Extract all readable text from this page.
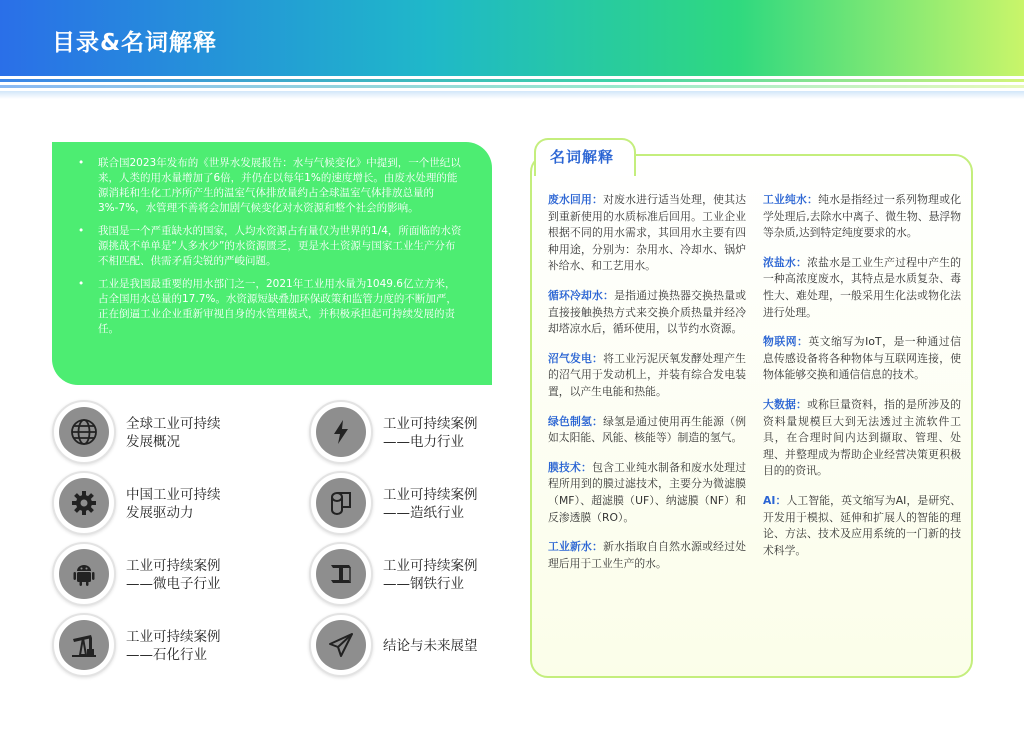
目录&名词解释
• 联合国2023年发布的《世界水发展报告：水与气候变化》中提到，一个世纪以来，人类的用水量增加了6倍，并仍在以每年1%的速度增长。由废水处理的能源消耗和生化工序所产生的温室气体排放量约占全球温室气体排放总量的3%-7%，水管理不善将会加剧气候变化对水资源和整个社会的影响。
• 我国是一个严重缺水的国家，人均水资源占有量仅为世界的1/4，所面临的水资源挑战不单单是“人多水少”的水资源匮乏，更是水土资源与国家工业生产分布不相匹配、供需矛盾尖锐的严峻问题。
• 工业是我国最重要的用水部门之一，2021年工业用水量为1049.6亿立方米，占全国用水总量的17.7%。水资源短缺叠加环保政策和监管力度的不断加严，正在倒逼工业企业重新审视自身的水管理模式，并积极承担起可持续发展的责任。
全球工业可持续
发展概况
工业可持续案例
——电力行业
中国工业可持续
发展驱动力
工业可持续案例
——造纸行业
工业可持续案例
——微电子行业
工业可持续案例
——钢铁行业
工业可持续案例
——石化行业
结论与未来展望
名词解释
废水回用：对废水进行适当处理，使其达到重新使用的水质标准后回用。工业企业根据不同的用水需求，其回用水主要有四种用途，分别为：杂用水、冷却水、锅炉补给水、和工艺用水。
循环冷却水：是指通过换热器交换热量或直接接触换热方式来交换介质热量并经冷却塔凉水后，循环使用，以节约水资源。
沼气发电：将工业污泥厌氧发酵处理产生的沼气用于发动机上，并装有综合发电装置，以产生电能和热能。
绿色制氢：绿氢是通过使用再生能源（例如太阳能、风能、核能等）制造的氢气。
膜技术：包含工业纯水制备和废水处理过程所用到的膜过滤技术，主要分为微滤膜（MF）、超滤膜（UF）、纳滤膜（NF）和反渗透膜（RO）。
工业新水：新水指取自自然水源或经过处理后用于工业生产的水。
工业纯水：纯水是指经过一系列物理或化学处理后,去除水中离子、微生物、悬浮物等杂质,达到特定纯度要求的水。
浓盐水：浓盐水是工业生产过程中产生的一种高浓度废水，其特点是水质复杂、毒性大、难处理，一般采用生化法或物化法进行处理。
物联网：英文缩写为IoT，是一种通过信息传感设备将各种物体与互联网连接，使物体能够交换和通信信息的技术。
大数据：或称巨量资料，指的是所涉及的资料量规模巨大到无法透过主流软件工具，在合理时间内达到撷取、管理、处理、并整理成为帮助企业经营决策更积极目的的资讯。
AI：人工智能，英文缩写为AI，是研究、开发用于模拟、延伸和扩展人的智能的理论、方法、技术及应用系统的一门新的技术科学。
